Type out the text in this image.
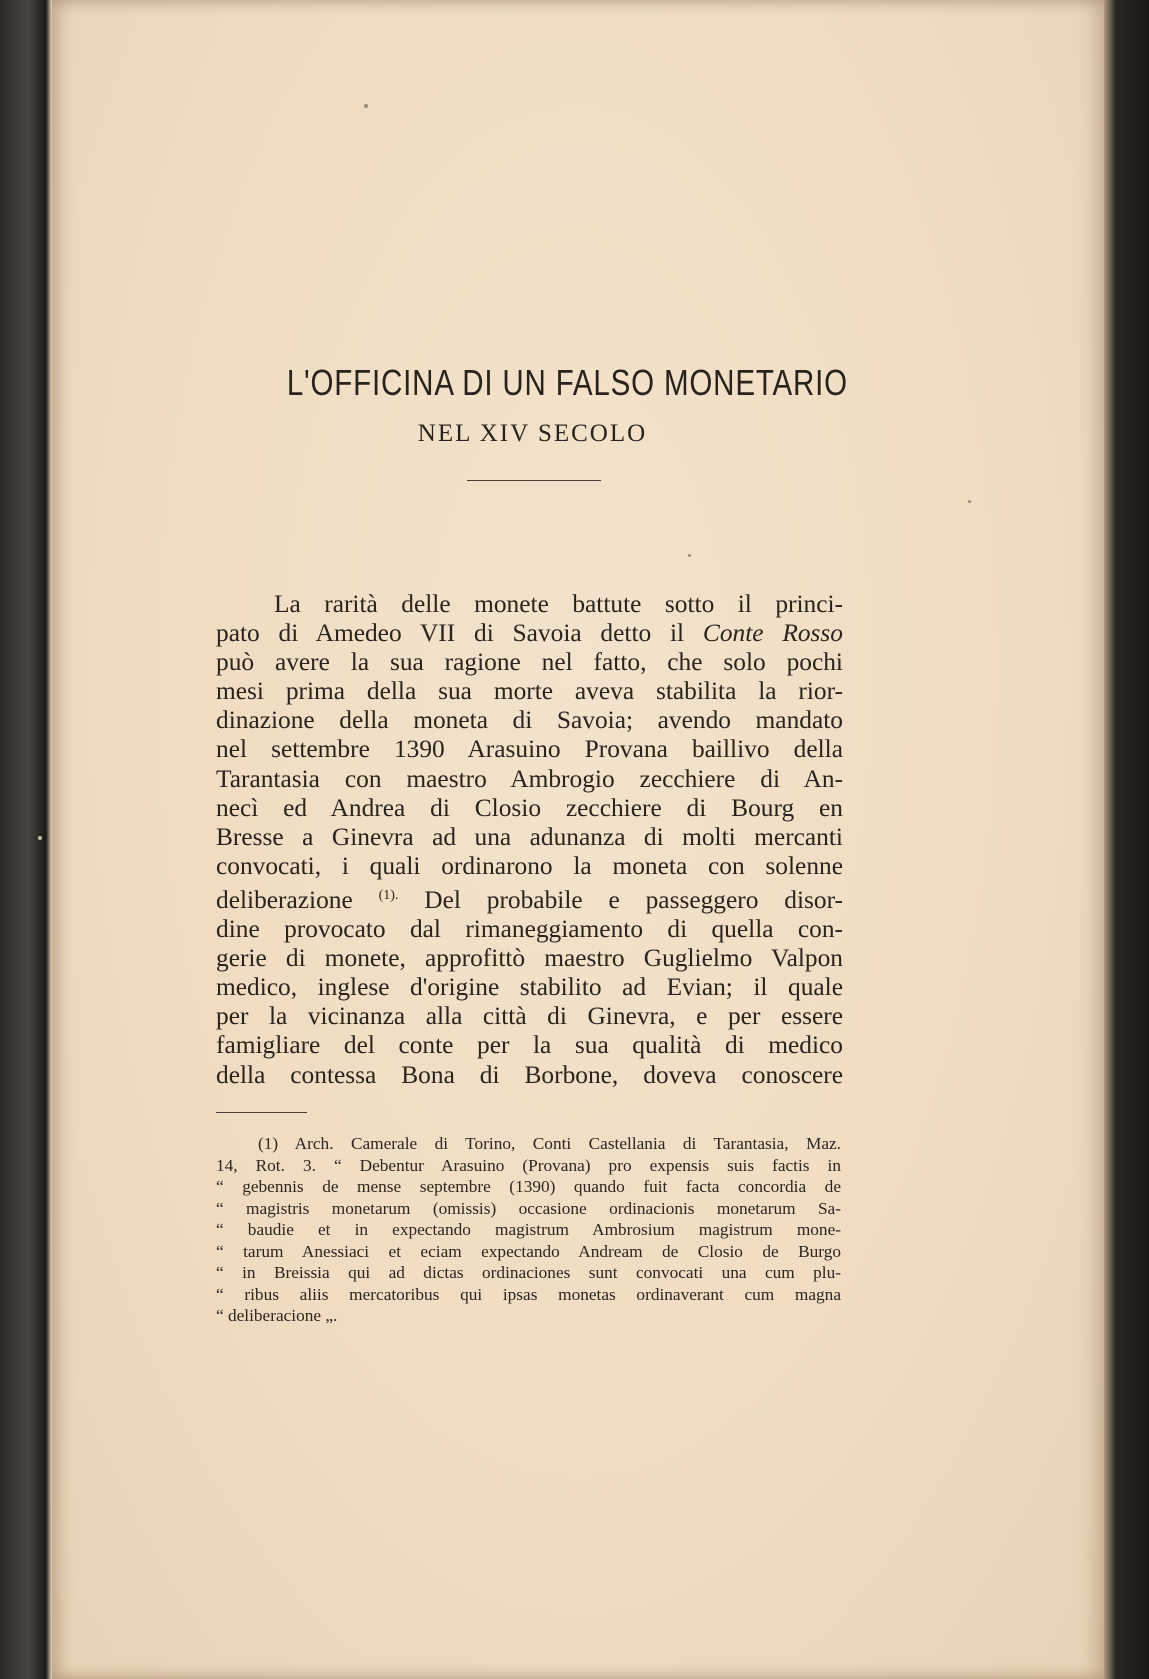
L'OFFICINA DI UN FALSO MONETARIO
NEL XIV SECOLO
La rarità delle monete battute sotto il princi-
pato di Amedeo VII di Savoia detto il Conte Rosso
può avere la sua ragione nel fatto, che solo pochi
mesi prima della sua morte aveva stabilita la rior-
dinazione della moneta di Savoia; avendo mandato
nel settembre 1390 Arasuino Provana baillivo della
Tarantasia con maestro Ambrogio zecchiere di An-
necì ed Andrea di Closio zecchiere di Bourg en
Bresse a Ginevra ad una adunanza di molti mercanti
convocati, i quali ordinarono la moneta con solenne
deliberazione $^{(1).}$ Del probabile e passeggero disor-
dine provocato dal rimaneggiamento di quella con-
gerie di monete, approfittò maestro Guglielmo Valpon
medico, inglese d'origine stabilito ad Evian; il quale
per la vicinanza alla città di Ginevra, e per essere
famigliare del conte per la sua qualità di medico
della contessa Bona di Borbone, doveva conoscere
(1) Arch. Camerale di Torino, Conti Castellania di Tarantasia, Maz.
14, Rot. 3. “ Debentur Arasuino (Provana) pro expensis suis factis in
“ gebennis de mense septembre (1390) quando fuit facta concordia de
“ magistris monetarum (omissis) occasione ordinacionis monetarum Sa-
“ baudie et in expectando magistrum Ambrosium magistrum mone-
“ tarum Anessiaci et eciam expectando Andream de Closio de Burgo
“ in Breissia qui ad dictas ordinaciones sunt convocati una cum plu-
“ ribus aliis mercatoribus qui ipsas monetas ordinaverant cum magna
“ deliberacione „.
